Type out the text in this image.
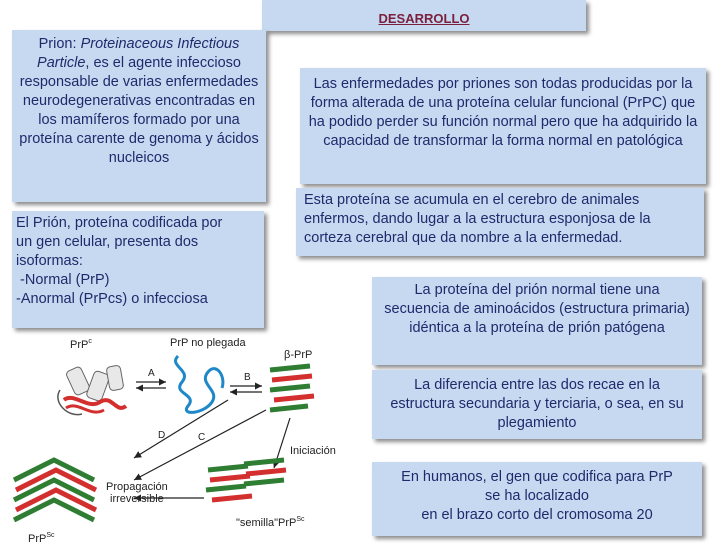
DESARROLLO
Prion: Proteinaceous Infectious Particle, es el agente infeccioso responsable de varias enfermedades neurodegenerativas encontradas en los mamíferos formado por una proteína carente de genoma y ácidos nucleicos
Las enfermedades por priones son todas producidas por la forma alterada de una proteína celular funcional (PrPC) que ha podido perder su función normal pero que ha adquirido la capacidad de transformar la forma normal en patológica
Esta proteína se acumula en el cerebro de animales enfermos, dando lugar a la estructura esponjosa de la corteza cerebral que da nombre a la enfermedad.
El Prión, proteína codificada por
un gen celular, presenta dos
isoformas:
-Normal (PrP)
-Anormal (PrPcs) o infecciosa
La proteína del prión normal tiene una secuencia de aminoácidos (estructura primaria) idéntica a la proteína de prión patógena
La diferencia entre las dos recae en la estructura secundaria y terciaria, o sea, en su plegamiento
En humanos, el gen que codifica para PrP
se ha localizado
en el brazo corto del cromosoma 20
PrP$^c$	PrP no plegada
β-PrP
A	B
D	C
Iniciación
Propagación
irreversible
"semilla"PrP$^{Sc}$
PrP$^{Sc}$
